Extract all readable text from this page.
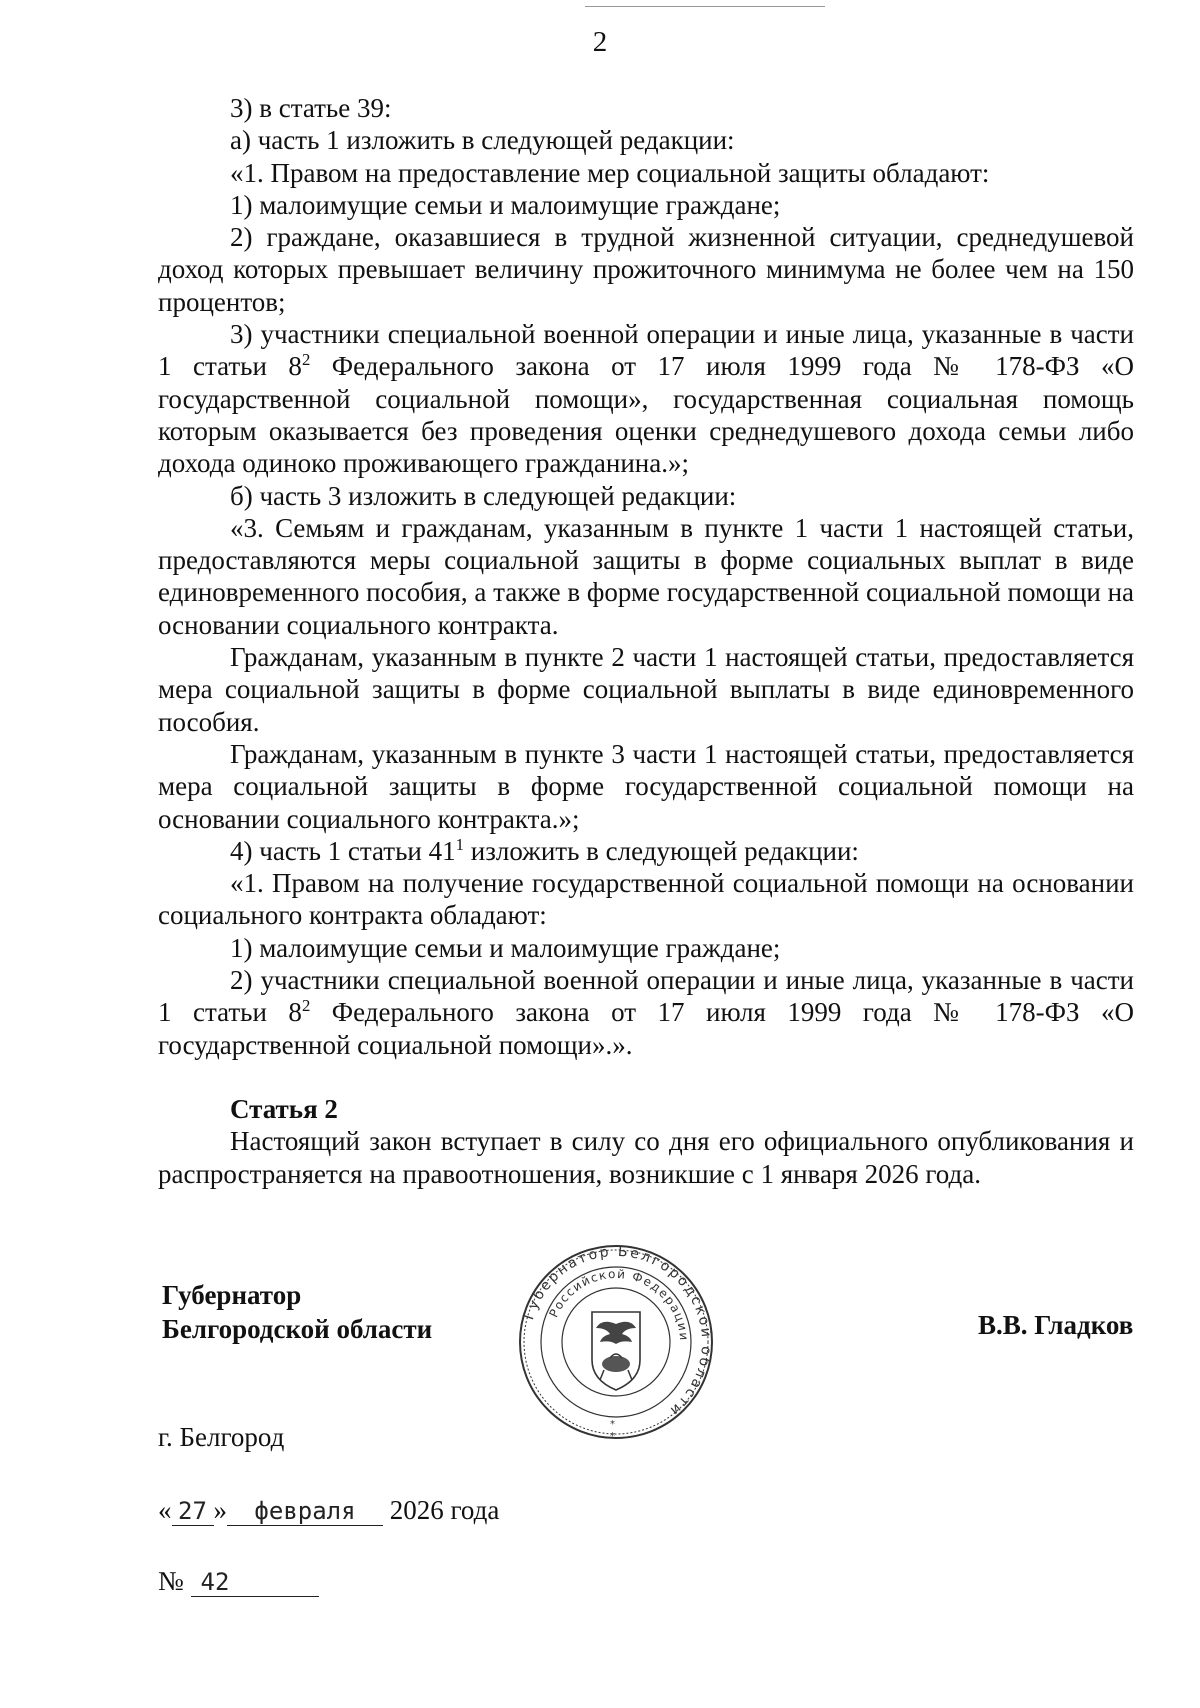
2

3) в статье 39:

а) часть 1 изложить в следующей редакции:

«1. Правом на предоставление мер социальной защиты обладают:

1) малоимущие семьи и малоимущие граждане;

2) граждане, оказавшиеся в трудной жизненной ситуации, среднедушевой доход которых превышает величину прожиточного минимума не более чем на 150 процентов;

3) участники специальной военной операции и иные лица, указанные в части 1 статьи $8^2$ Федерального закона от 17 июля 1999 года № 178-ФЗ «О государственной социальной помощи», государственная социальная помощь которым оказывается без проведения оценки среднедушевого дохода семьи либо дохода одиноко проживающего гражданина.»;

б) часть 3 изложить в следующей редакции:

«3. Семьям и гражданам, указанным в пункте 1 части 1 настоящей статьи, предоставляются меры социальной защиты в форме социальных выплат в виде единовременного пособия, а также в форме государственной социальной помощи на основании социального контракта.

Гражданам, указанным в пункте 2 части 1 настоящей статьи, предоставляется мера социальной защиты в форме социальной выплаты в виде единовременного пособия.

Гражданам, указанным в пункте 3 части 1 настоящей статьи, предоставляется мера социальной защиты в форме государственной социальной помощи на основании социального контракта.»;

4) часть 1 статьи $41^1$ изложить в следующей редакции:

«1. Правом на получение государственной социальной помощи на основании социального контракта обладают:

1) малоимущие семьи и малоимущие граждане;

2) участники специальной военной операции и иные лица, указанные в части 1 статьи $8^2$ Федерального закона от 17 июля 1999 года № 178-ФЗ «О государственной социальной помощи».».

Статья 2

Настоящий закон вступает в силу со дня его официального опубликования и распространяется на правоотношения, возникшие с 1 января 2026 года.

Губернатор
Белгородской области	В.В. Гладков
Губернатор Белгородской области
Российской Федерации
*
*
г. Белгород
« 27 » февраля 2026 года
№ 42
